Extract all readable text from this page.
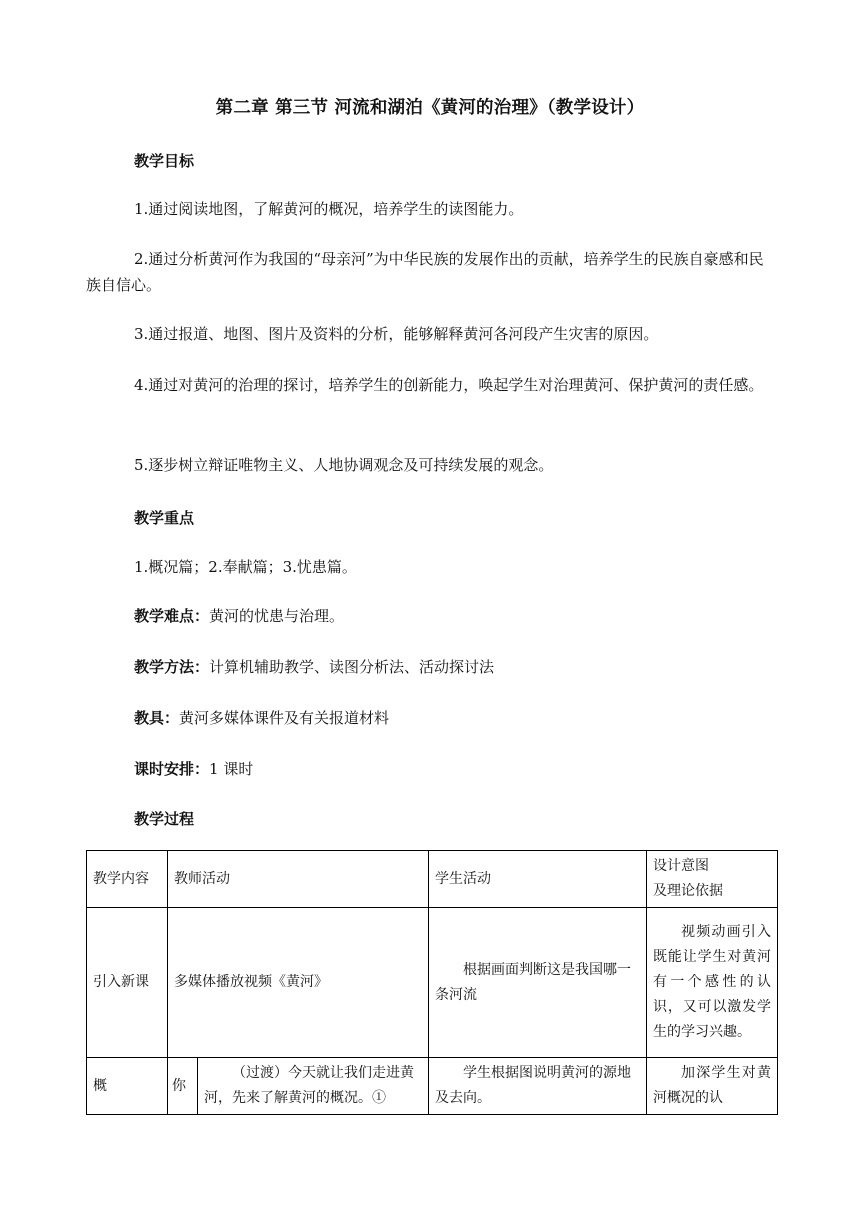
第二章 第三节 河流和湖泊《黄河的治理》（教学设计）
教学目标
1.通过阅读地图，了解黄河的概况，培养学生的读图能力。
2.通过分析黄河作为我国的“母亲河”为中华民族的发展作出的贡献，培养学生的民族自豪感和民族自信心。
3.通过报道、地图、图片及资料的分析，能够解释黄河各河段产生灾害的原因。
4.通过对黄河的治理的探讨，培养学生的创新能力，唤起学生对治理黄河、保护黄河的责任感。
5.逐步树立辩证唯物主义、人地协调观念及可持续发展的观念。
教学重点
1.概况篇；2.奉献篇；3.忧患篇。
教学难点：黄河的忧患与治理。
教学方法：计算机辅助教学、读图分析法、活动探讨法
教具：黄河多媒体课件及有关报道材料
课时安排：1 课时
教学过程
教学内容	教师活动		学生活动	设计意图
及理论依据

引入新课	多媒体播放视频《黄河》		根据画面判断这是我国哪一条河流	视频动画引入既能让学生对黄河有一个感性的认识，又可以激发学生的学习兴趣。
概	你	（过渡）今天就让我们走进黄河，先来了解黄河的概况。①	学生根据图说明黄河的源地及去向。	加深学生对黄河概况的认
